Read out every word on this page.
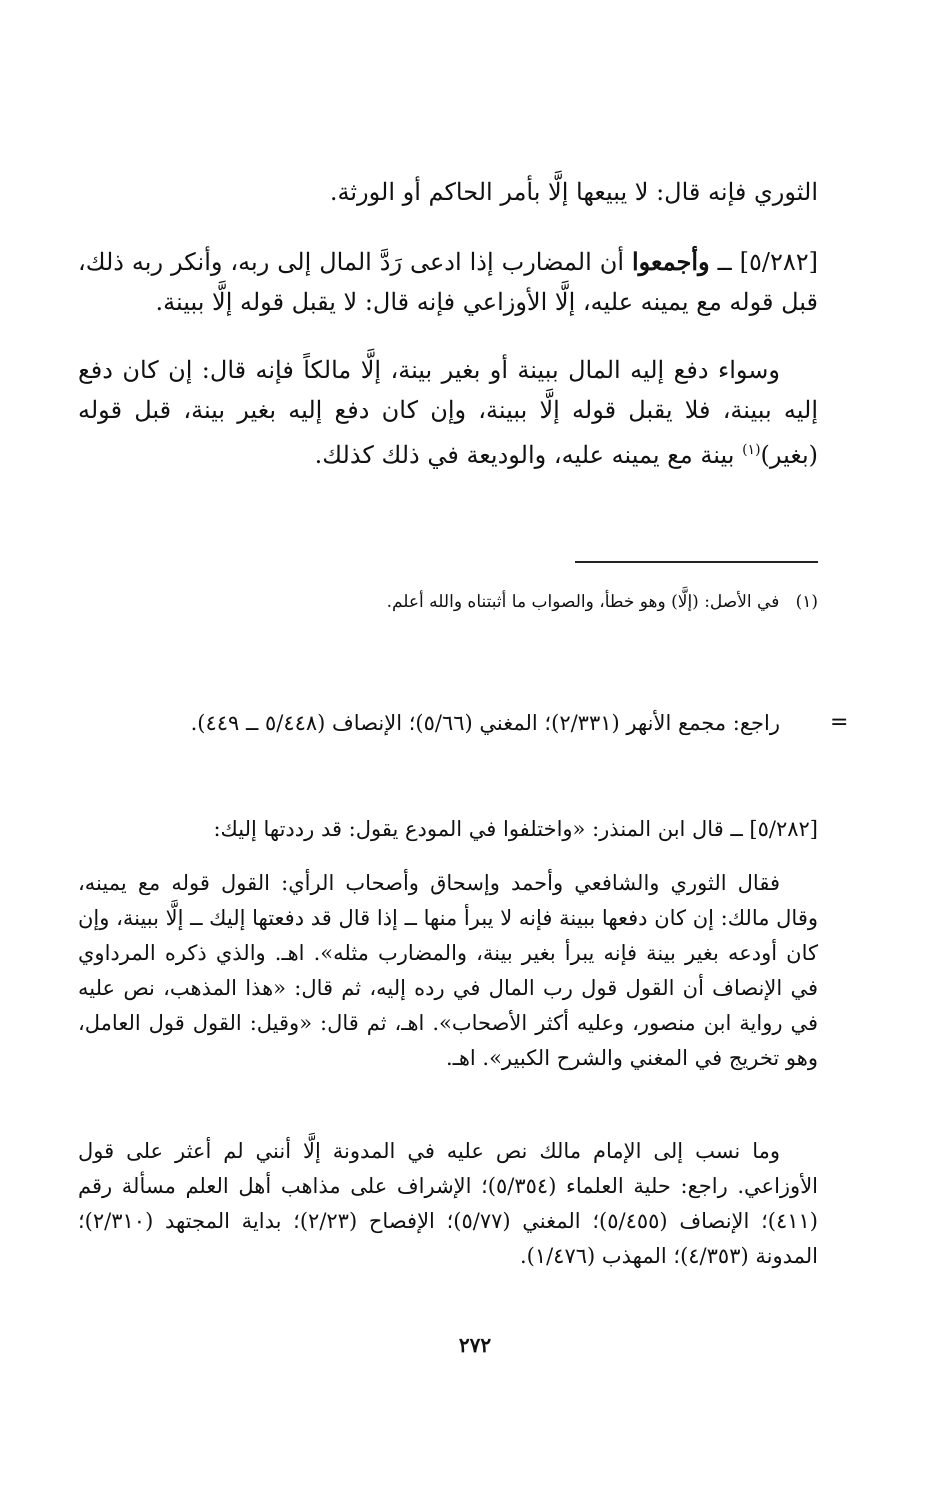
الثوري فإنه قال: لا يبيعها إلَّا بأمر الحاكم أو الورثة.
[٥/٢٨٢] ــ وأجمعوا أن المضارب إذا ادعى رَدَّ المال إلى ربه، وأنكر ربه ذلك، قبل قوله مع يمينه عليه، إلَّا الأوزاعي فإنه قال: لا يقبل قوله إلَّا ببينة.
وسواء دفع إليه المال ببينة أو بغير بينة، إلَّا مالكاً فإنه قال: إن كان دفع إليه ببينة، فلا يقبل قوله إلَّا ببينة، وإن كان دفع إليه بغير بينة، قبل قوله (بغير)$^{(١)}$ بينة مع يمينه عليه، والوديعة في ذلك كذلك.
(١)   في الأصل: (إلَّا) وهو خطأ، والصواب ما أثبتناه والله أعلم.
=
راجع: مجمع الأنهر (٢/٣٣١)؛ المغني (٥/٦٦)؛ الإنصاف (٥/٤٤٨ ــ ٤٤٩).
[٥/٢٨٢] ــ قال ابن المنذر: «واختلفوا في المودع يقول: قد رددتها إليك:
فقال الثوري والشافعي وأحمد وإسحاق وأصحاب الرأي: القول قوله مع يمينه، وقال مالك: إن كان دفعها ببينة فإنه لا يبرأ منها ــ إذا قال قد دفعتها إليك ــ إلَّا ببينة، وإن كان أودعه بغير بينة فإنه يبرأ بغير بينة، والمضارب مثله». اهـ. والذي ذكره المرداوي في الإنصاف أن القول قول رب المال في رده إليه، ثم قال: «هذا المذهب، نص عليه في رواية ابن منصور، وعليه أكثر الأصحاب». اهـ، ثم قال: «وقيل: القول قول العامل، وهو تخريج في المغني والشرح الكبير». اهـ.
وما نسب إلى الإمام مالك نص عليه في المدونة إلَّا أنني لم أعثر على قول الأوزاعي. راجع: حلية العلماء (٥/٣٥٤)؛ الإشراف على مذاهب أهل العلم مسألة رقم (٤١١)؛ الإنصاف (٥/٤٥٥)؛ المغني (٥/٧٧)؛ الإفصاح (٢/٢٣)؛ بداية المجتهد (٢/٣١٠)؛ المدونة (٤/٣٥٣)؛ المهذب (١/٤٧٦).
٢٧٢
